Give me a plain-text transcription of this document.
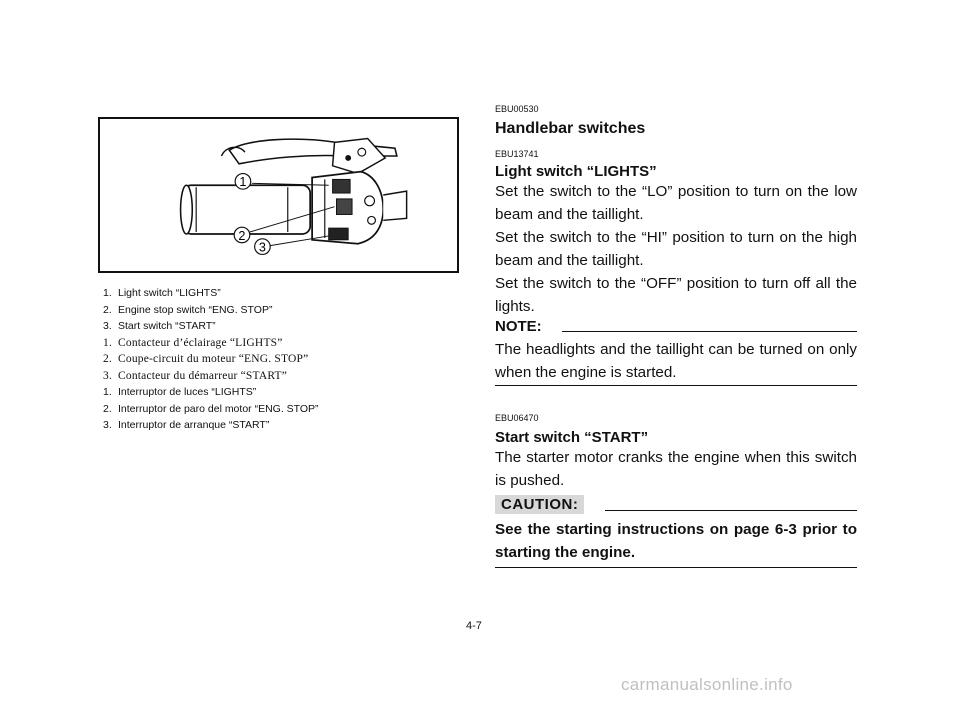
1
2
3
1. Light switch “LIGHTS”
2. Engine stop switch “ENG. STOP”
3. Start switch “START”
1. Contacteur d’éclairage “LIGHTS”
2. Coupe-circuit du moteur “ENG. STOP”
3. Contacteur du démarreur “START”
1. Interruptor de luces “LIGHTS”
2. Interruptor de paro del motor “ENG. STOP”
3. Interruptor de arranque “START”
EBU00530
Handlebar switches
EBU13741
Light switch “LIGHTS”
Set the switch to the “LO” position to turn on the low beam and the taillight.
Set the switch to the “HI” position to turn on the high beam and the taillight.
Set the switch to the “OFF” position to turn off all the lights.
NOTE:
The headlights and the taillight can be turned on only when the engine is started.
EBU06470
Start switch “START”
The starter motor cranks the engine when this switch is pushed.
CAUTION:
See the starting instructions on page 6-3 prior to starting the engine.
4-7
carmanualsonline.info
